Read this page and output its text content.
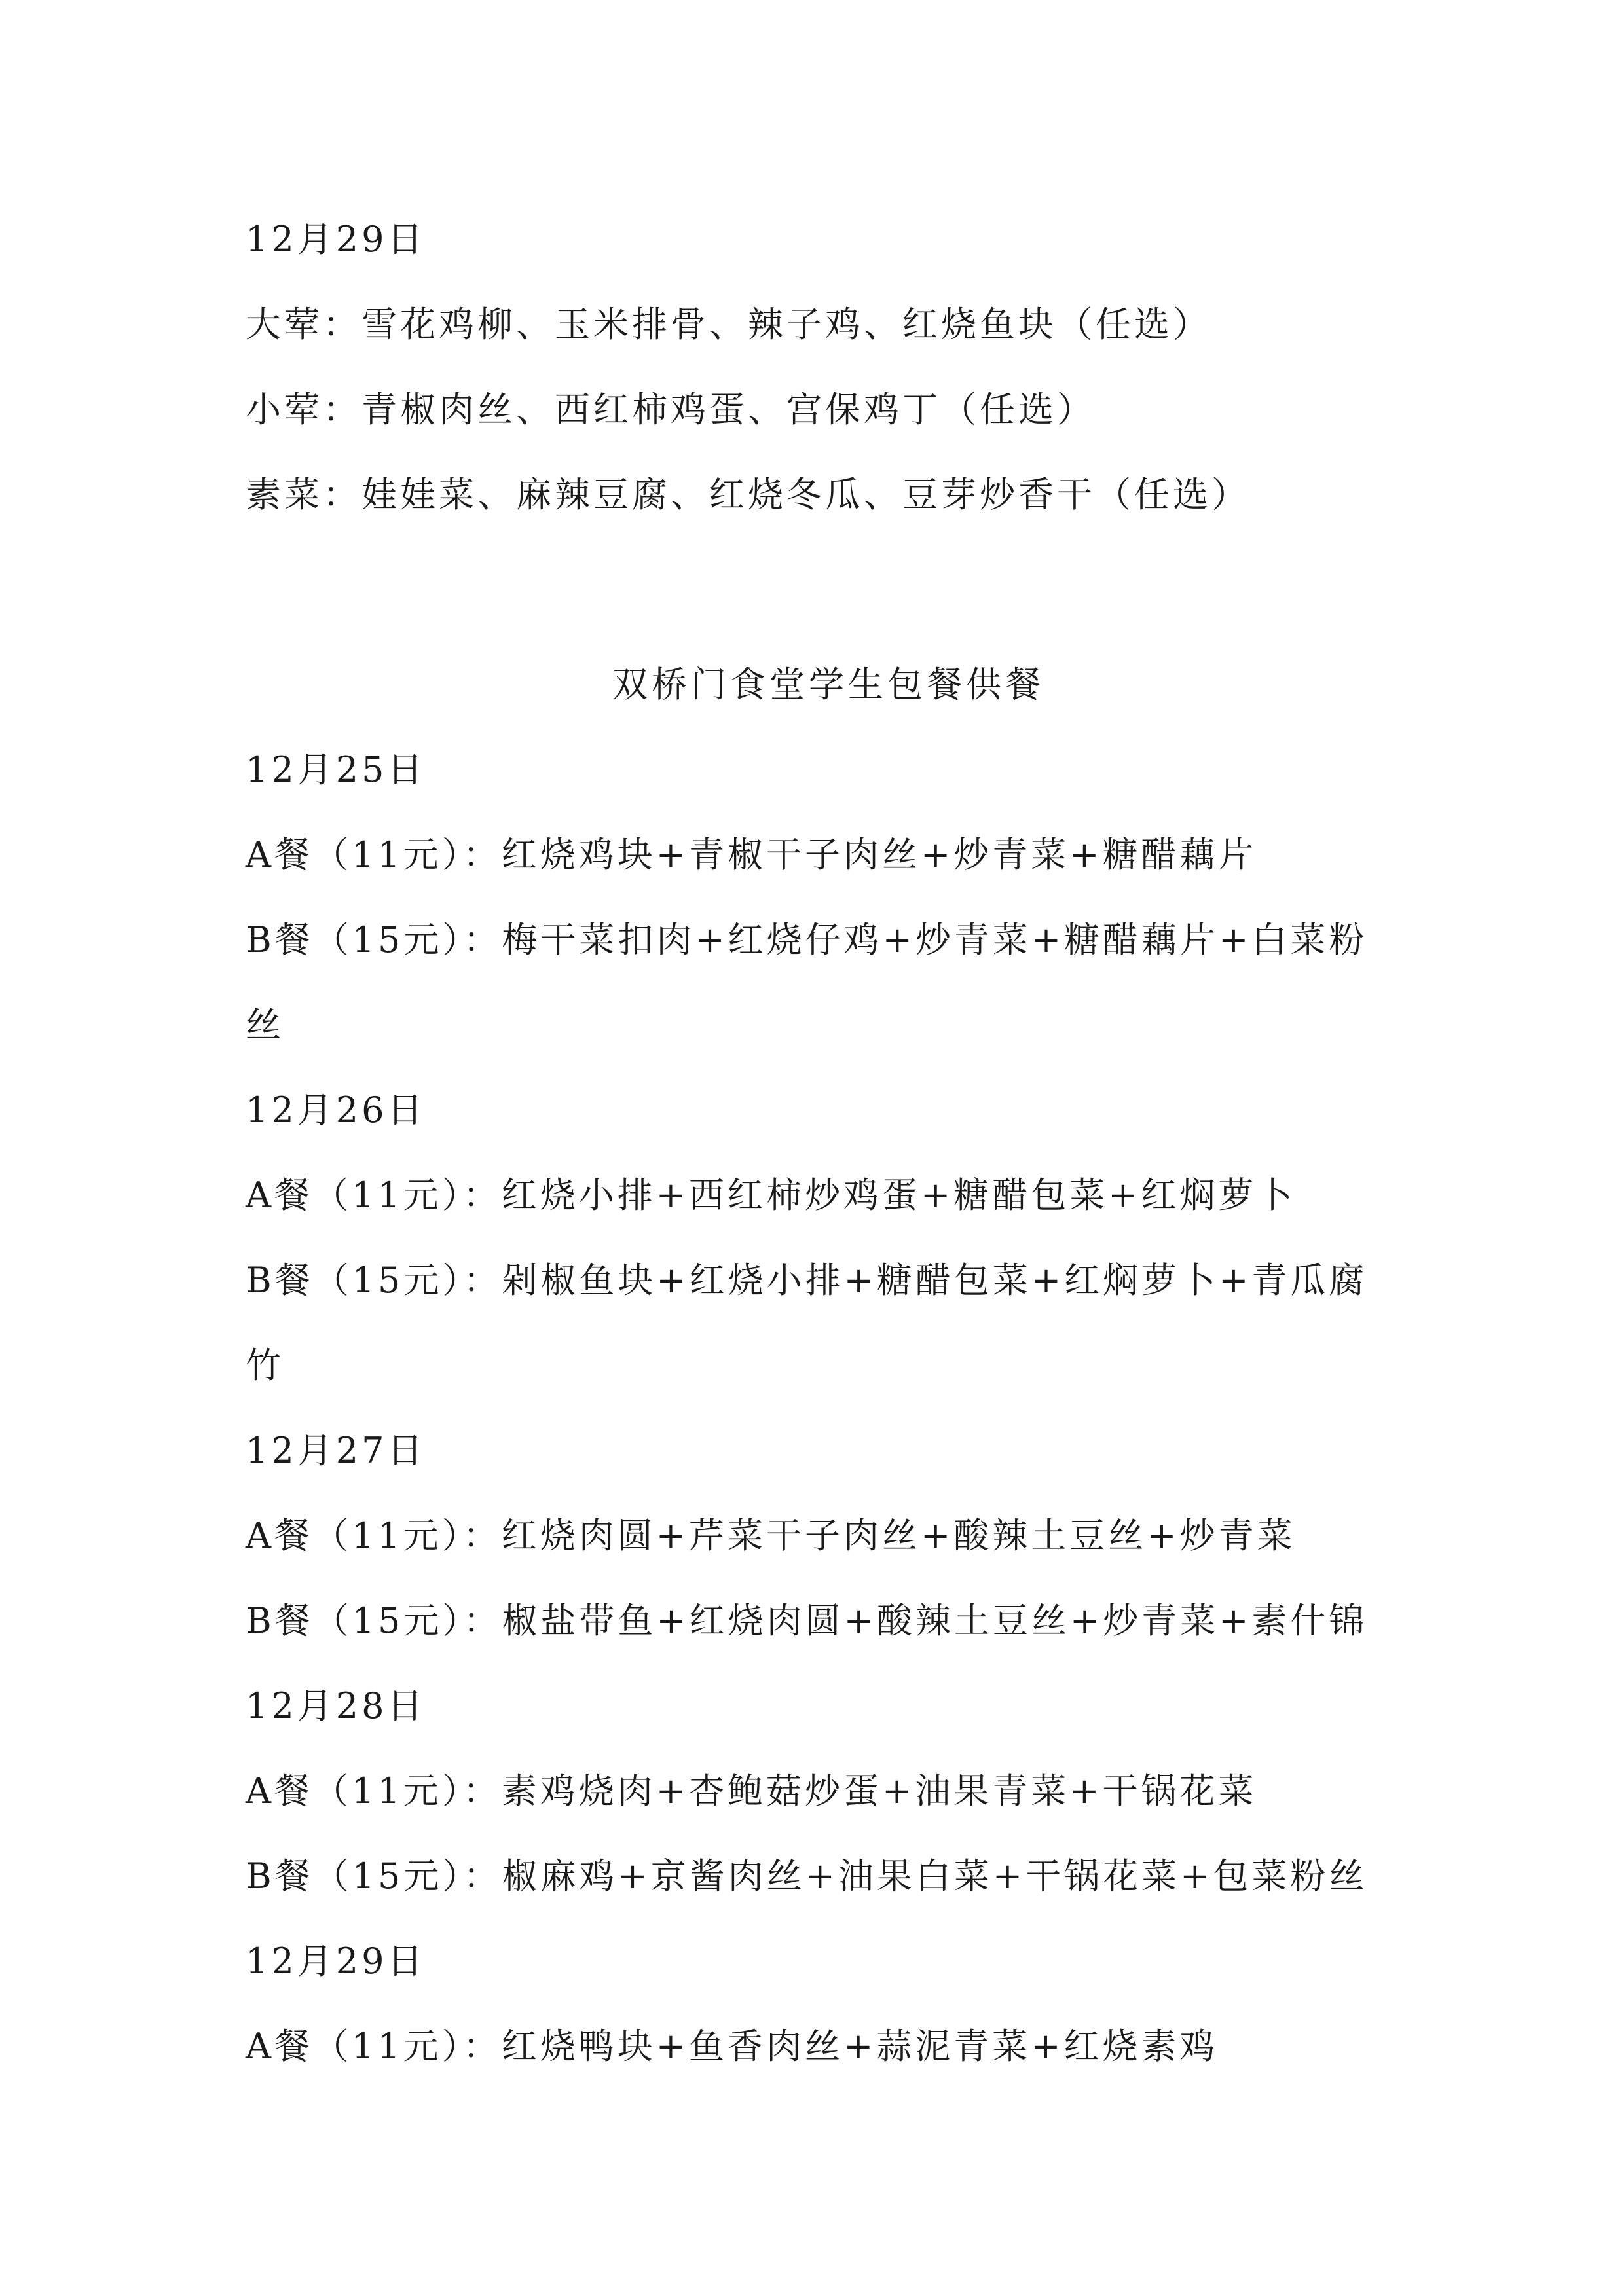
12月29日
大荤：雪花鸡柳、玉米排骨、辣子鸡、红烧鱼块（任选）
小荤：青椒肉丝、西红柿鸡蛋、宫保鸡丁（任选）
素菜：娃娃菜、麻辣豆腐、红烧冬瓜、豆芽炒香干（任选）
双桥门食堂学生包餐供餐
12月25日
A餐（11元）：红烧鸡块+青椒干子肉丝+炒青菜+糖醋藕片
B餐（15元）：梅干菜扣肉+红烧仔鸡+炒青菜+糖醋藕片+白菜粉
丝
12月26日
A餐（11元）：红烧小排+西红柿炒鸡蛋+糖醋包菜+红焖萝卜
B餐（15元）：剁椒鱼块+红烧小排+糖醋包菜+红焖萝卜+青瓜腐
竹
12月27日
A餐（11元）：红烧肉圆+芹菜干子肉丝+酸辣土豆丝+炒青菜
B餐（15元）：椒盐带鱼+红烧肉圆+酸辣土豆丝+炒青菜+素什锦
12月28日
A餐（11元）：素鸡烧肉+杏鲍菇炒蛋+油果青菜+干锅花菜
B餐（15元）：椒麻鸡+京酱肉丝+油果白菜+干锅花菜+包菜粉丝
12月29日
A餐（11元）：红烧鸭块+鱼香肉丝+蒜泥青菜+红烧素鸡
